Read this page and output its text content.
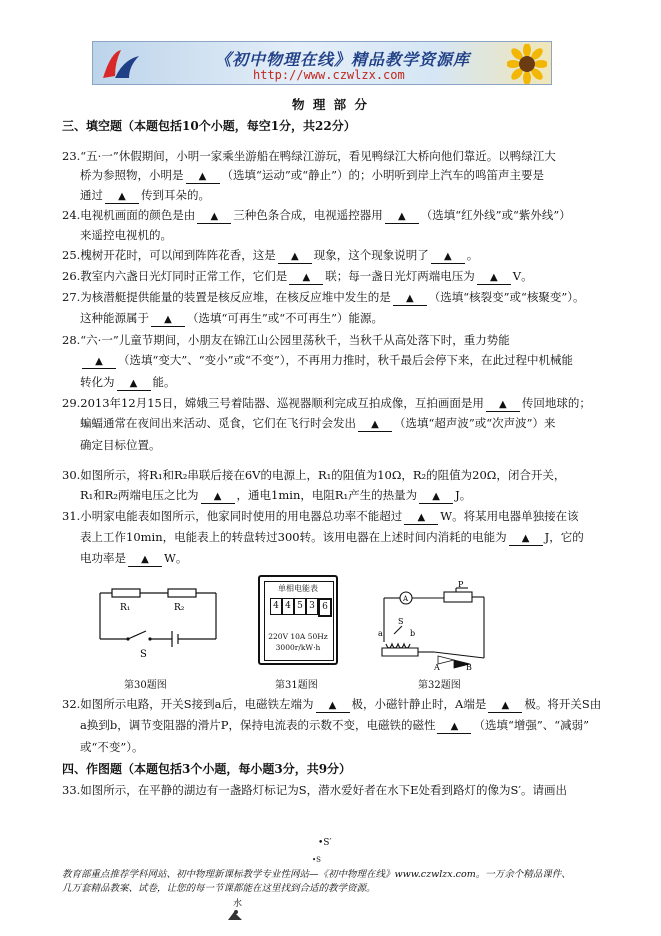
《初中物理在线》精品教学资源库
http://www.czwlzx.com
物 理 部 分
三、填空题（本题包括10个小题，每空1分，共22分）
23.“五·一”休假期间，小明一家乘坐游船在鸭绿江游玩，看见鸭绿江大桥向他们靠近。以鸭绿江大
桥为参照物，小明是 ▲ （选填“运动”或“静止”）的；小明听到岸上汽车的鸣笛声主要是
通过 ▲ 传到耳朵的。
24.电视机画面的颜色是由 ▲ 三种色条合成，电视遥控器用 ▲ （选填“红外线”或“紫外线”）
来遥控电视机的。
25.槐树开花时，可以闻到阵阵花香，这是 ▲ 现象，这个现象说明了 ▲ 。
26.教室内六盏日光灯同时正常工作，它们是 ▲ 联；每一盏日光灯两端电压为 ▲ V。
27.为核潜艇提供能量的装置是核反应堆，在核反应堆中发生的是 ▲ （选填“核裂变”或“核聚变”）。
这种能源属于 ▲ （选填“可再生”或“不可再生”）能源。
28.“六·一”儿童节期间，小朋友在锦江山公园里荡秋千，当秋千从高处落下时，重力势能
▲ （选填“变大”、“变小”或“不变”），不再用力推时，秋千最后会停下来，在此过程中机械能
转化为 ▲ 能。
29.2013年12月15日，嫦娥三号着陆器、巡视器顺利完成互拍成像，互拍画面是用 ▲ 传回地球的；
蝙蝠通常在夜间出来活动、觅食，它们在飞行时会发出 ▲ （选填“超声波”或“次声波”）来
确定目标位置。
30.如图所示，将R₁和R₂串联后接在6V的电源上，R₁的阻值为10Ω，R₂的阻值为20Ω，闭合开关，
R₁和R₂两端电压之比为 ▲ ，通电1min，电阻R₁产生的热量为 ▲ J。
31.小明家电能表如图所示，他家同时使用的用电器总功率不能超过 ▲ W。将某用电器单独接在该
表上工作10min，电能表上的转盘转过300转。该用电器在上述时间内消耗的电能为 ▲ J，它的
电功率是 ▲ W。
R₁	R₂
S
第30题图
单相电能表
4 4 5 3 6
220V 10A 50Hz
3000r/kW·h
第31题图
A
P
a	b
S
A	B
第32题图
32.如图所示电路，开关S接到a后，电磁铁左端为 ▲ 极，小磁针静止时，A端是 ▲ 极。将开关S由
a换到b，调节变阻器的滑片P，保持电流表的示数不变，电磁铁的磁性 ▲ （选填“增强”、“减弱”
或“不变”）。
四、作图题（本题包括3个小题，每小题3分，共9分）
33.如图所示，在平静的湖边有一盏路灯标记为S，潜水爱好者在水下E处看到路灯的像为S′。请画出
•S′
•S
教育部重点推荐学科网站、初中物理新课标教学专业性网站—《初中物理在线》www.czwlzx.com。一万余个精品课件、
几万套精品教案、试卷，让您的每一节课都能在这里找到合适的教学资源。
水
